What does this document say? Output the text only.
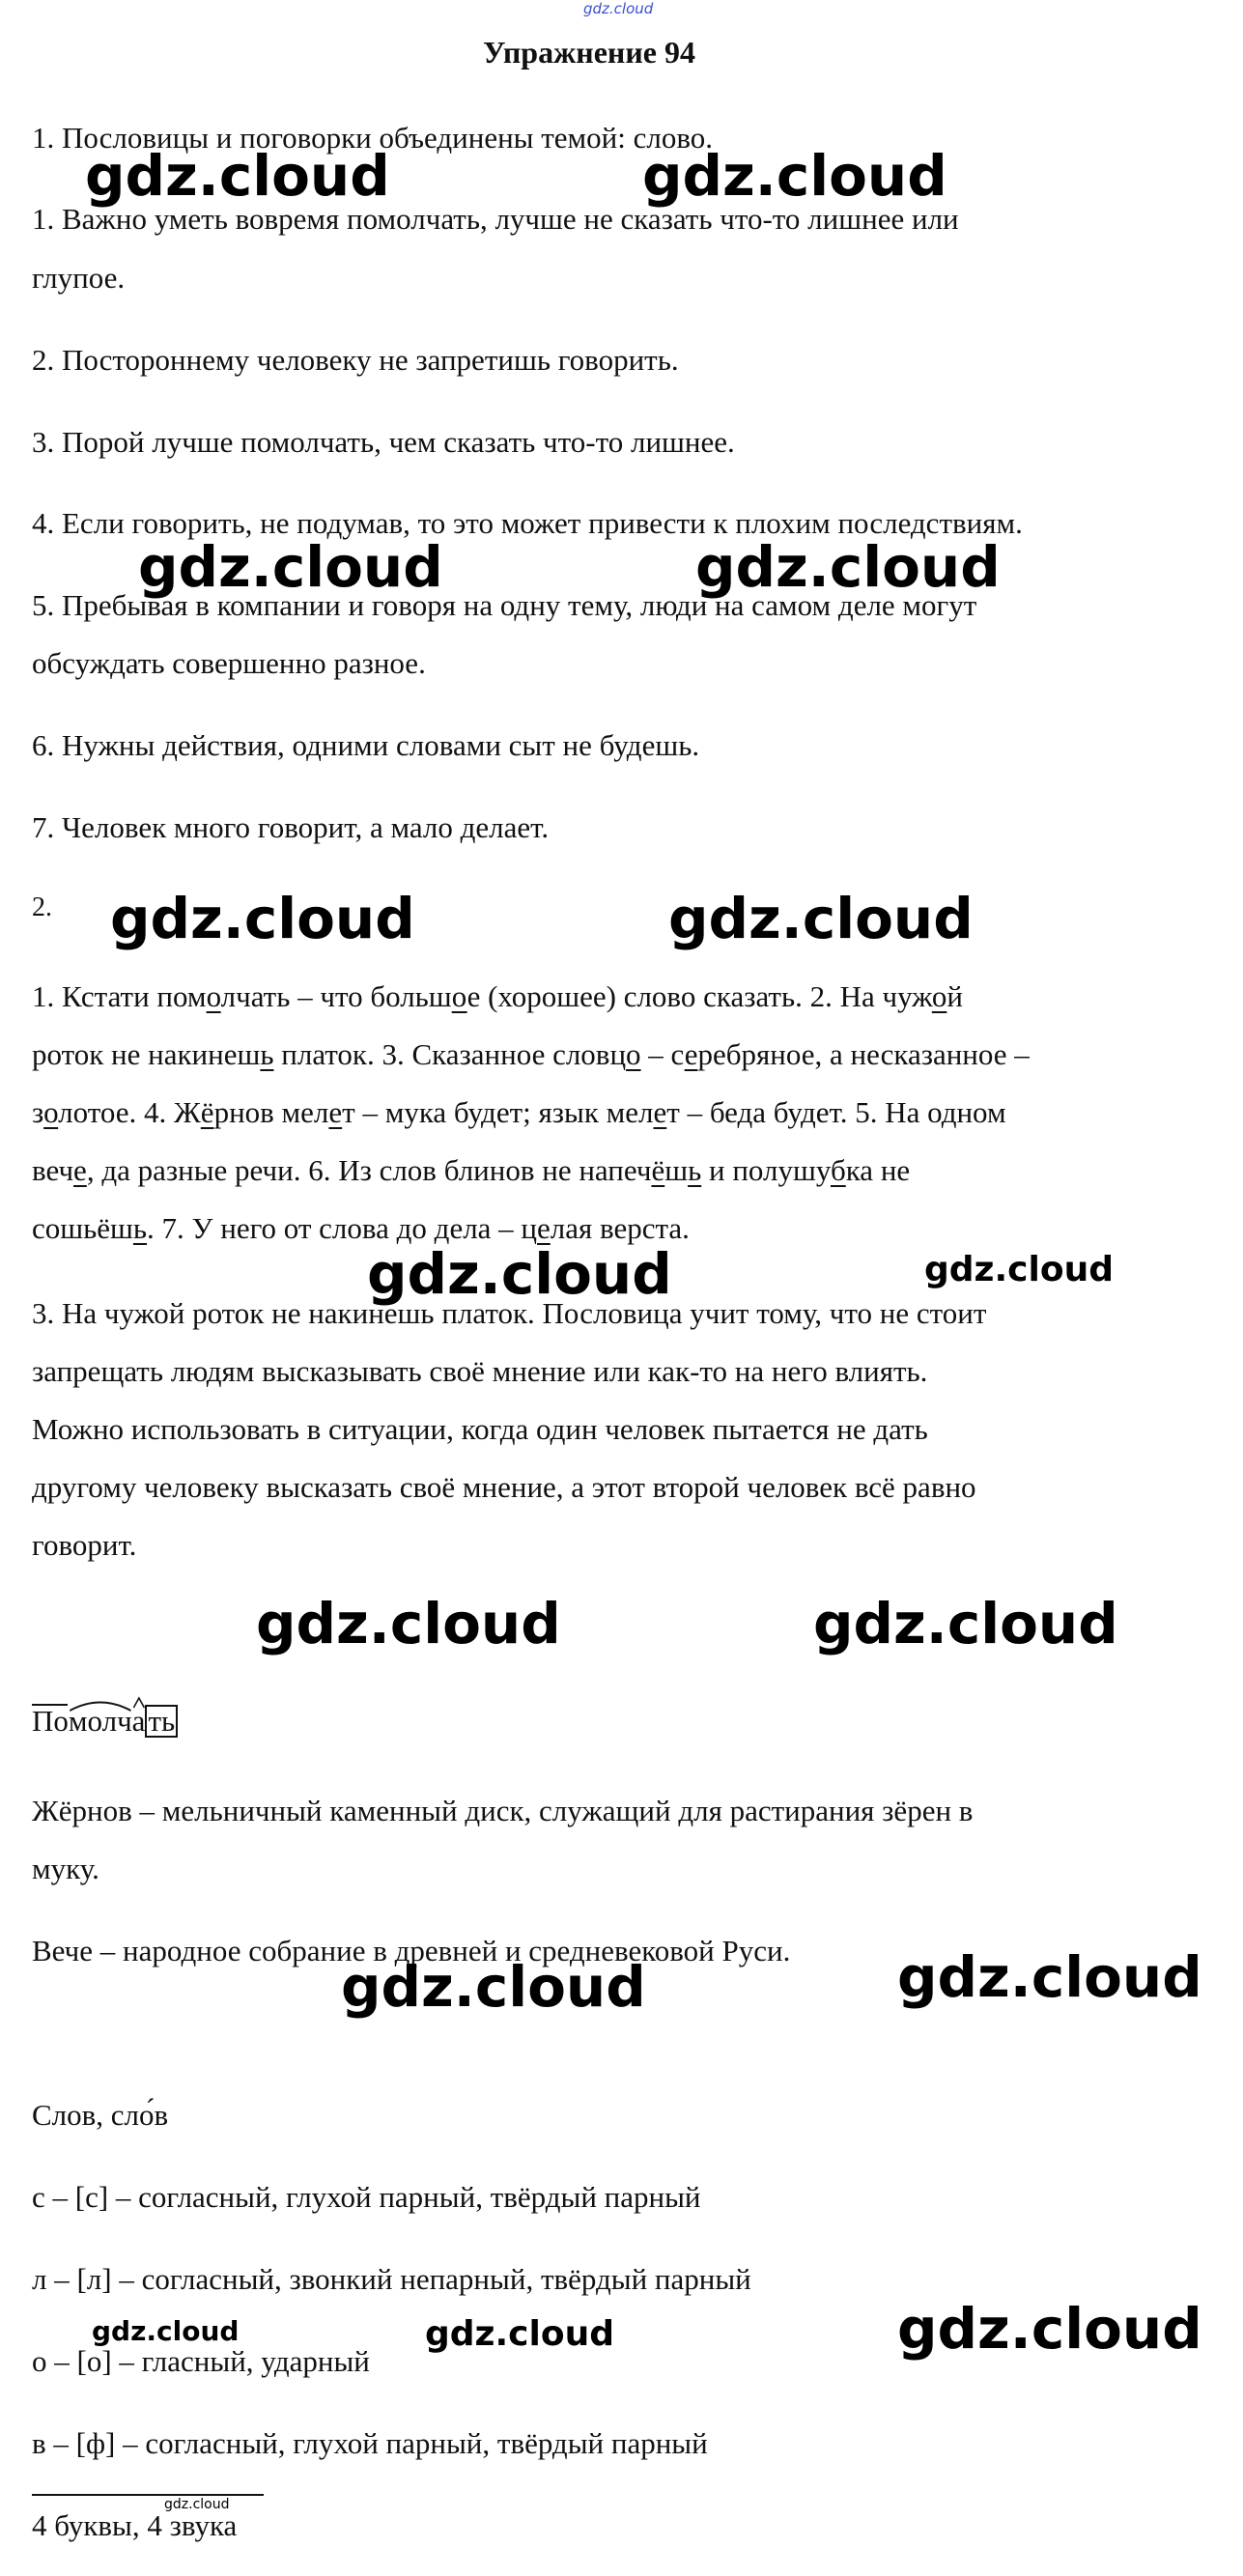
gdz.cloud
Упражнение 94
1. Пословицы и поговорки объединены темой: слово.
1. Важно уметь вовремя помолчать, лучше не сказать что-то лишнее или
глупое.
2. Постороннему человеку не запретишь говорить.
3. Порой лучше помолчать, чем сказать что-то лишнее.
4. Если говорить, не подумав, то это может привести к плохим последствиям.
5. Пребывая в компании и говоря на одну тему, люди на самом деле могут
обсуждать совершенно разное.
6. Нужны действия, одними словами сыт не будешь.
7. Человек много говорит, а мало делает.
2.
1. Кстати помолчать – что большое (хорошее) слово сказать. 2. На чужой
роток не накинешь платок. 3. Сказанное словцо – серебряное, а несказанное –
золотое. 4. Жёрнов мелет – мука будет; язык мелет – беда будет. 5. На одном
вече, да разные речи. 6. Из слов блинов не напечёшь и полушубка не
сошьёшь. 7. У него от слова до дела – целая верста.
3. На чужой роток не накинешь платок. Пословица учит тому, что не стоит
запрещать людям высказывать своё мнение или как-то на него влиять.
Можно использовать в ситуации, когда один человек пытается не дать
другому человеку высказать своё мнение, а этот второй человек всё равно
говорит.
Помолч
а
ть
Жёрнов – мельничный каменный диск, служащий для растирания зёрен в
муку.
Вече – народное собрание в древней и средневековой Руси.
Слов, сло́в
с – [с] – согласный, глухой парный, твёрдый парный
л – [л] – согласный, звонкий непарный, твёрдый парный
о – [о] – гласный, ударный
в – [ф] – согласный, глухой парный, твёрдый парный
4 буквы, 4 звука
gdz.cloud	gdz.cloud
gdz.cloud	gdz.cloud
gdz.cloud	gdz.cloud
gdz.cloud	gdz.cloud
gdz.cloud	gdz.cloud
gdz.cloud	gdz.cloud
gdz.cloud	gdz.cloud
gdz.cloud
gdz.cloud
